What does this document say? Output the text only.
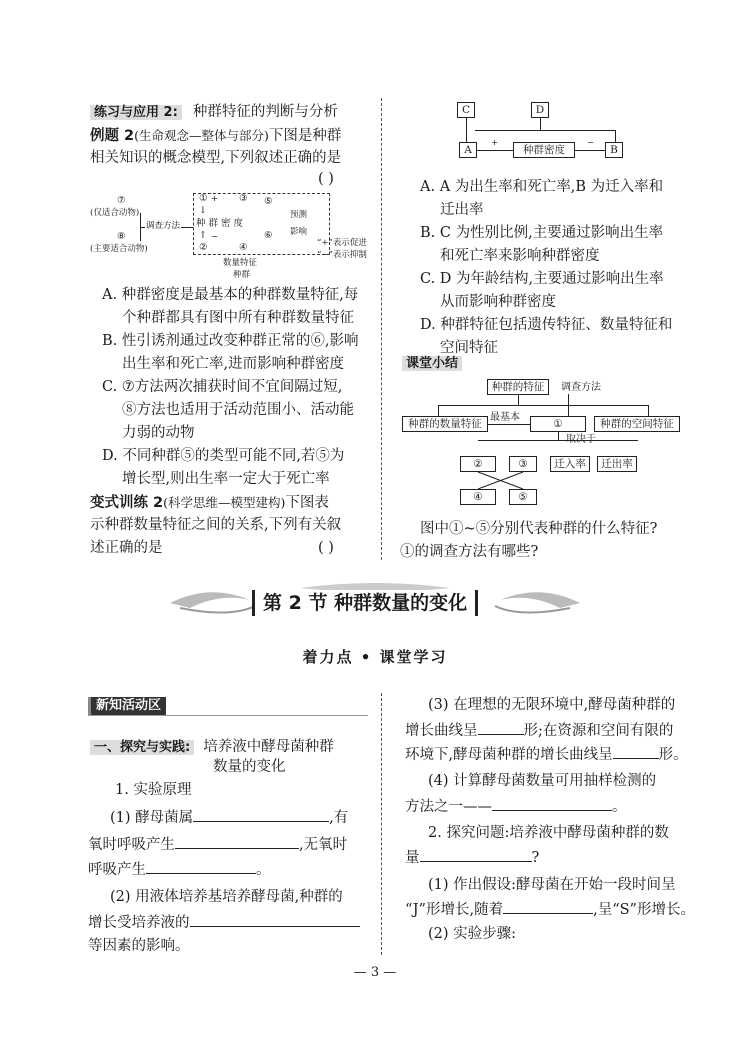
练习与应用 2: 种群特征的判断与分析
例题 2(生命观念—整体与部分)下图是种群
相关知识的概念模型,下列叙述正确的是
( )
⑦
(仅适合动物)
⑧
(主要适合动物)
调查方法
① +
↓
种 群 密 度
↑ −
②
③
④
⑤
⑥
预测
影响
数量特征
种群
“+”表示促进
“−”表示抑制
A. 种群密度是最基本的种群数量特征,每
个种群都具有图中所有种群数量特征
B. 性引诱剂通过改变种群正常的⑥,影响
出生率和死亡率,进而影响种群密度
C. ⑦方法两次捕获时间不宜间隔过短,
⑧方法也适用于活动范围小、活动能
力弱的动物
D. 不同种群⑤的类型可能不同,若⑤为
增长型,则出生率一定大于死亡率
变式训练 2(科学思维—模型建构)下图表
示种群数量特征之间的关系,下列有关叙
述正确的是	( )
C	D
A	种群密度	B
+	−
A. A 为出生率和死亡率,B 为迁入率和
迁出率
B. C 为性别比例,主要通过影响出生率
和死亡率来影响种群密度
C. D 为年龄结构,主要通过影响出生率
从而影响种群密度
D. 种群特征包括遗传特征、数量特征和
空间特征
课堂小结
种群的特征	调查方法
种群的数量特征
最基本
①	种群的空间特征
②	③	迁入率	迁出率
④	⑤
图中①~⑤分别代表种群的什么特征?
①的调查方法有哪些?
第 2 节 种群数量的变化
着力点 • 课堂学习
新知活动区
一、探究与实践: 培养液中酵母菌种群
数量的变化
1. 实验原理
(1) 酵母菌属	,有
氧时呼吸产生	,无氧时
呼吸产生	。
(2) 用液体培养基培养酵母菌,种群的
增长受培养液的
等因素的影响。
(3) 在理想的无限环境中,酵母菌种群的
增长曲线呈	形;在资源和空间有限的
环境下,酵母菌种群的增长曲线呈	形。
(4) 计算酵母菌数量可用抽样检测的
方法之一——	。
2. 探究问题:培养液中酵母菌种群的数
量	?
(1) 作出假设:酵母菌在开始一段时间呈
“J”形增长,随着	,呈“S”形增长。
(2) 实验步骤:
— 3 —
